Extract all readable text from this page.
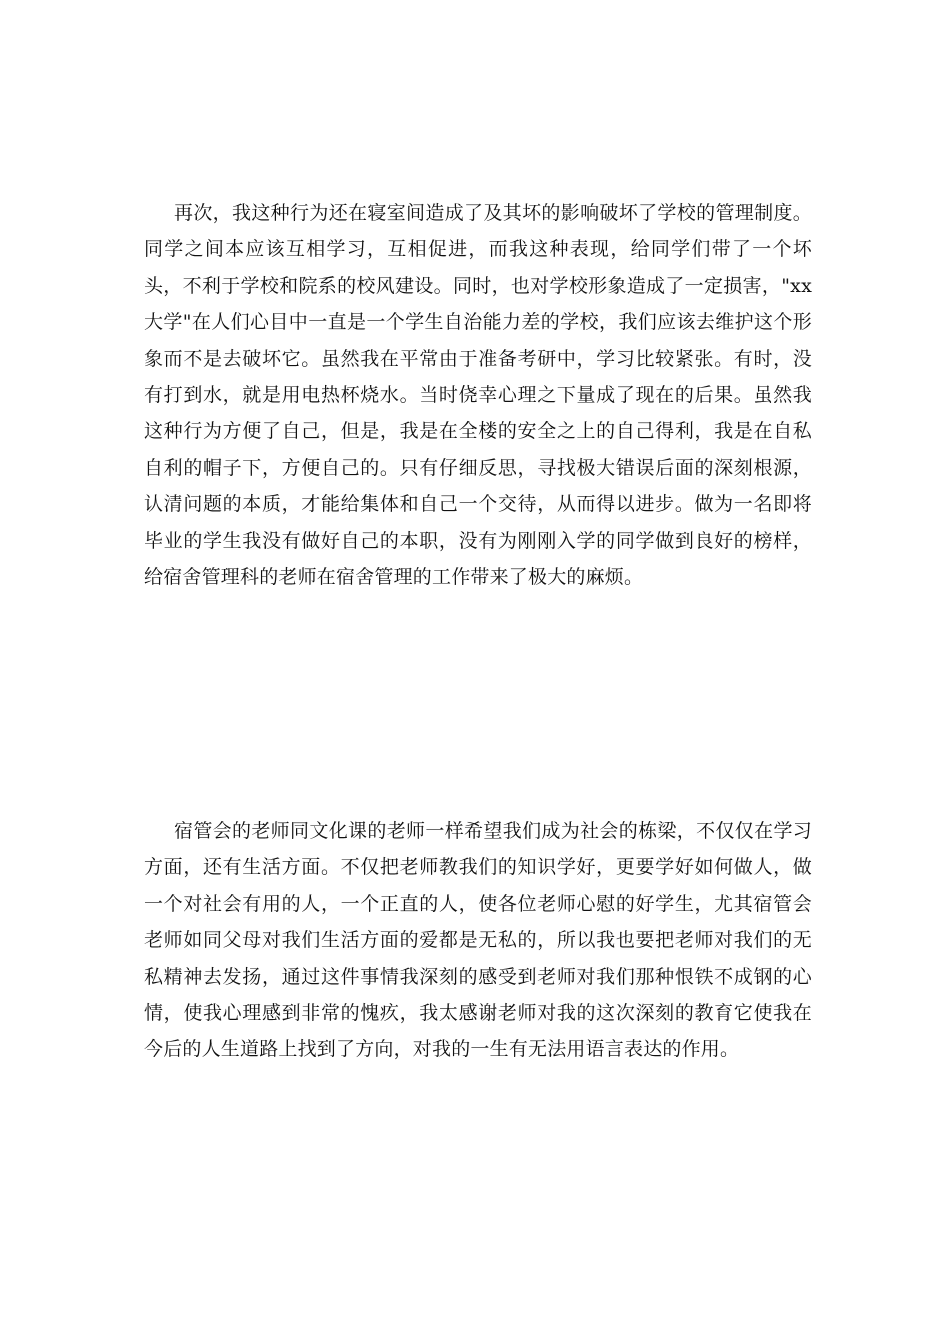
再次，我这种行为还在寝室间造成了及其坏的影响破坏了学校的管理制度。同学之间本应该互相学习，互相促进，而我这种表现，给同学们带了一个坏头，不利于学校和院系的校风建设。同时，也对学校形象造成了一定损害，"xx大学"在人们心目中一直是一个学生自治能力差的学校，我们应该去维护这个形象而不是去破坏它。虽然我在平常由于准备考研中，学习比较紧张。有时，没有打到水，就是用电热杯烧水。当时侥幸心理之下量成了现在的后果。虽然我这种行为方便了自己，但是，我是在全楼的安全之上的自己得利，我是在自私自利的帽子下，方便自己的。只有仔细反思，寻找极大错误后面的深刻根源，认清问题的本质，才能给集体和自己一个交待，从而得以进步。做为一名即将毕业的学生我没有做好自己的本职，没有为刚刚入学的同学做到良好的榜样，给宿舍管理科的老师在宿舍管理的工作带来了极大的麻烦。

宿管会的老师同文化课的老师一样希望我们成为社会的栋梁，不仅仅在学习方面，还有生活方面。不仅把老师教我们的知识学好，更要学好如何做人，做一个对社会有用的人，一个正直的人，使各位老师心慰的好学生，尤其宿管会老师如同父母对我们生活方面的爱都是无私的，所以我也要把老师对我们的无私精神去发扬，通过这件事情我深刻的感受到老师对我们那种恨铁不成钢的心情，使我心理感到非常的愧疚，我太感谢老师对我的这次深刻的教育它使我在今后的人生道路上找到了方向，对我的一生有无法用语言表达的作用。
